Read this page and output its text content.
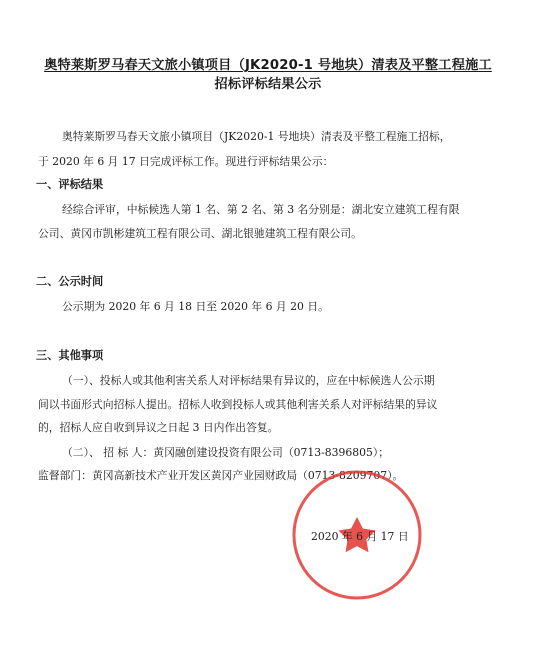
奥特莱斯罗马春天文旅小镇项目（JK2020-1 号地块）清表及平整工程施工
招标评标结果公示
奥特莱斯罗马春天文旅小镇项目（JK2020-1 号地块）清表及平整工程施工招标，
于 2020 年 6 月 17 日完成评标工作。现进行评标结果公示：
一、评标结果
经综合评审，中标候选人第 1 名、第 2 名、第 3 名分别是：湖北安立建筑工程有限
公司、黄冈市凯彬建筑工程有限公司、湖北银驰建筑工程有限公司。
二、公示时间
公示期为 2020 年 6 月 18 日至 2020 年 6 月 20 日。
三、其他事项
（一）、投标人或其他利害关系人对评标结果有异议的，应在中标候选人公示期
间以书面形式向招标人提出。招标人收到投标人或其他利害关系人对评标结果的异议
的，招标人应自收到异议之日起 3 日内作出答复。
（二）、 招 标 人：黄冈融创建设投资有限公司（0713-8396805）；
监督部门：黄冈高新技术产业开发区黄冈产业园财政局（0713-8209707）。
2020 年 6 月 17 日
